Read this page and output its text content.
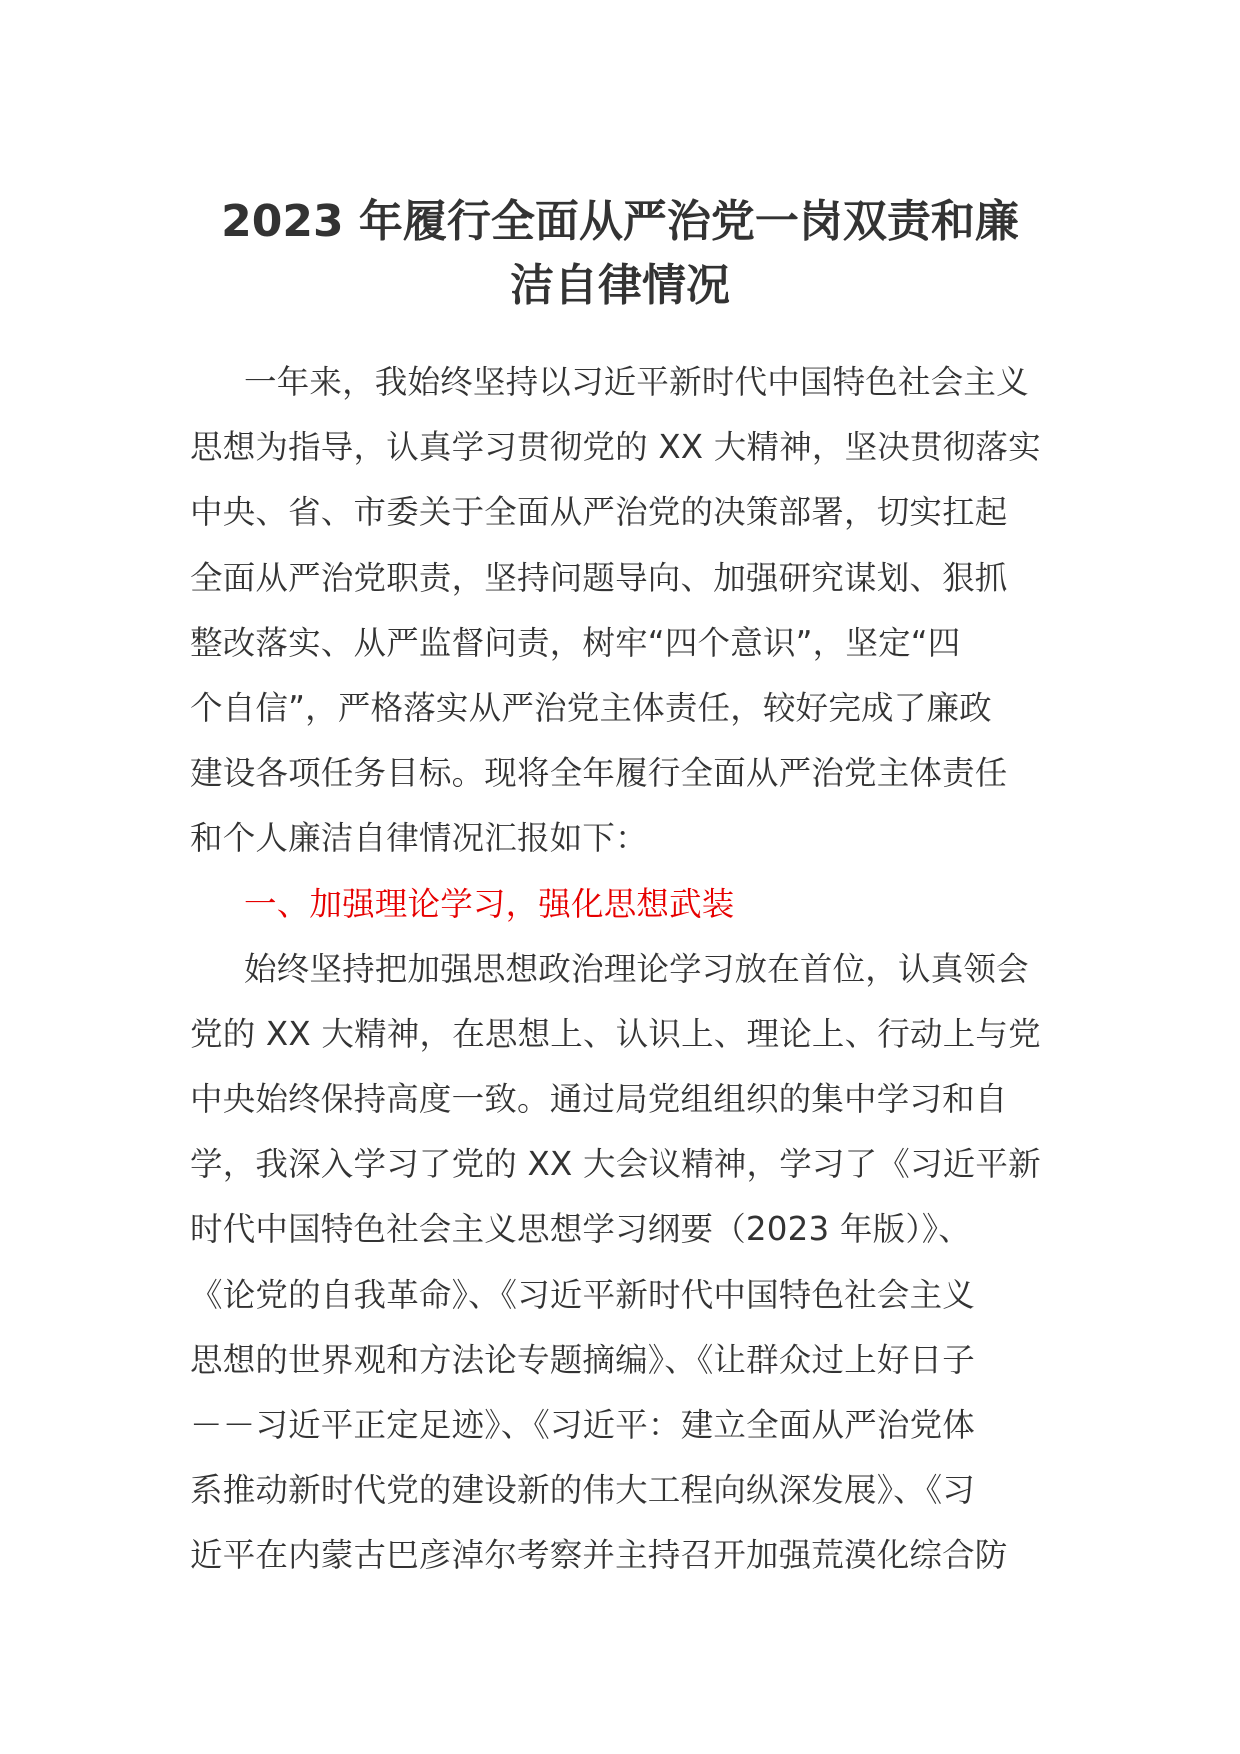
2023 年履行全面从严治党一岗双责和廉
洁自律情况
一年来，我始终坚持以习近平新时代中国特色社会主义
思想为指导，认真学习贯彻党的 XX 大精神，坚决贯彻落实
中央、省、市委关于全面从严治党的决策部署，切实扛起
全面从严治党职责，坚持问题导向、加强研究谋划、狠抓
整改落实、从严监督问责，树牢“四个意识”，坚定“四
个自信”，严格落实从严治党主体责任，较好完成了廉政
建设各项任务目标。现将全年履行全面从严治党主体责任
和个人廉洁自律情况汇报如下：
一、加强理论学习，强化思想武装
始终坚持把加强思想政治理论学习放在首位，认真领会
党的 XX 大精神，在思想上、认识上、理论上、行动上与党
中央始终保持高度一致。通过局党组组织的集中学习和自
学，我深入学习了党的 XX 大会议精神，学习了《习近平新
时代中国特色社会主义思想学习纲要（2023 年版）》、
《论党的自我革命》、《习近平新时代中国特色社会主义
思想的世界观和方法论专题摘编》、《让群众过上好日子
－－习近平正定足迹》、《习近平：建立全面从严治党体
系推动新时代党的建设新的伟大工程向纵深发展》、《习
近平在内蒙古巴彦淖尔考察并主持召开加强荒漠化综合防
